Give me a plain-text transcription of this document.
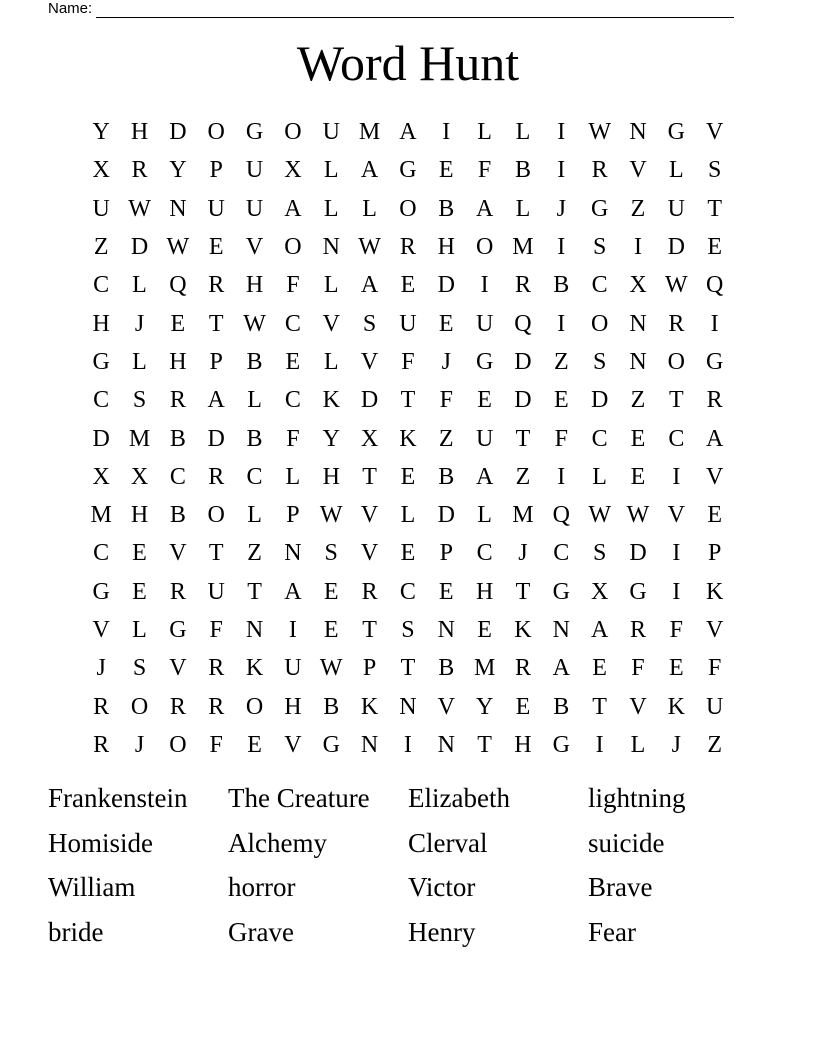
Name:
Word Hunt
Y H D O G O U M A	I	L L	I W N G V
X R Y P U X L A G E	F B	I	R V L	S
U W N U U A L L O B A L	J	G Z U T
Z D W E V O N W R H O M I	S	I	D E
C L Q R H F	L A E D	I	R B C X W Q
H	J	E T W C V S U E U Q	I	O N R	I
G L H P B E L V F	J	G D Z	S N O G
C S R A L C K D T	F	E D E D Z T R
D M B D B F Y X K Z U T	F C E C A
X X C R C L H T E B A Z	I	L E	I	V
M H B O L	P W V L D L M Q W W V E
C E V T Z N S V E	P C	J	C S D	I	P
G E R U T A E R C E H T G X G	I	K
V L G F N	I	E T	S N E K N A R F V
J	S V R K U W P	T B M R A E	F	E	F
R O R R O H B K N V Y E B T V K U
R	J	O F	E V G N	I	N T H G	I	L	J	Z
Frankenstein	The Creature	Elizabeth	lightning
Homiside	Alchemy	Clerval	suicide
William	horror	Victor	Brave
bride	Grave	Henry	Fear
